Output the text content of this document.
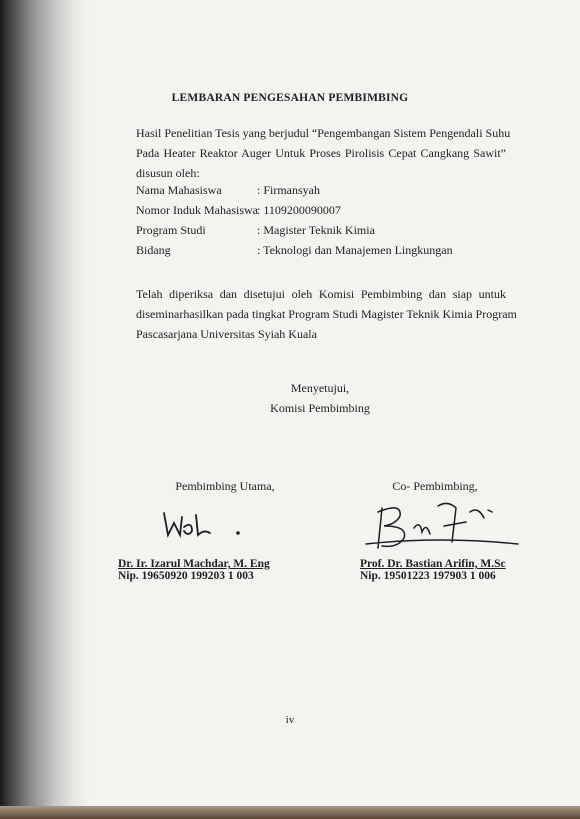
LEMBARAN PENGESAHAN PEMBIMBING
Hasil Penelitian Tesis yang berjudul “Pengembangan Sistem Pengendali Suhu
Pada Heater Reaktor Auger Untuk Proses Pirolisis Cepat Cangkang Sawit”
disusun oleh:
Nama Mahasiswa	: Firmansyah
Nomor Induk Mahasiswa : 1109200090007
Program Studi	: Magister Teknik Kimia
Bidang	: Teknologi dan Manajemen Lingkungan
Telah diperiksa dan disetujui oleh Komisi Pembimbing dan siap untuk
diseminarhasilkan pada tingkat Program Studi Magister Teknik Kimia Program
Pascasarjana Universitas Syiah Kuala
Menyetujui,
Komisi Pembimbing
Pembimbing Utama,
Dr. Ir. Izarul Machdar, M. Eng
Nip. 19650920 199203 1 003
Co- Pembimbing,
Prof. Dr. Bastian Arifin, M.Sc
Nip. 19501223 197903 1 006
iv
